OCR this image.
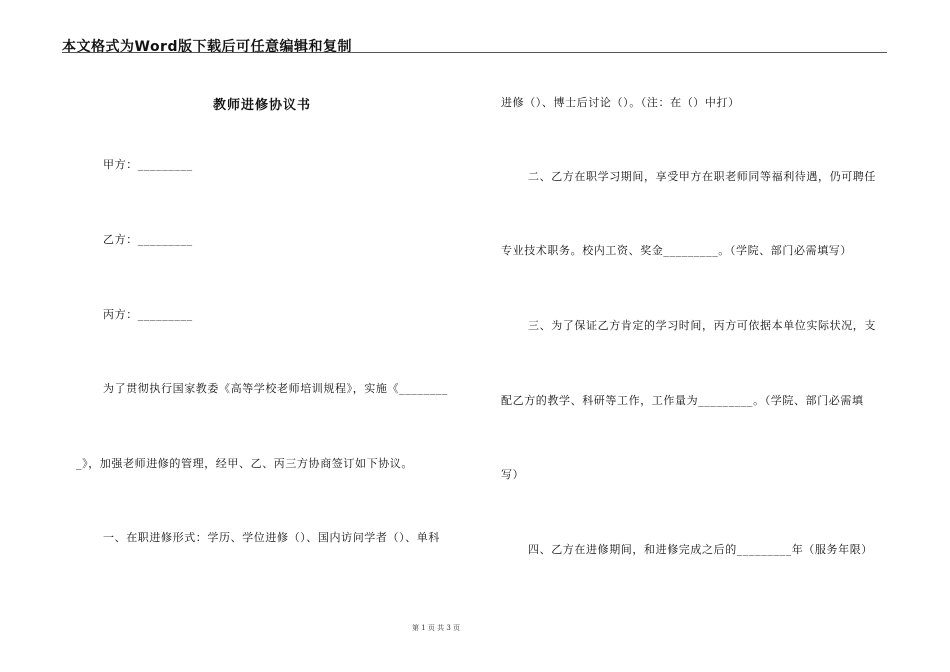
本文格式为Word版下载后可任意编辑和复制
教师进修协议书
甲方：_________
乙方：_________
丙方：_________
为了贯彻执行国家教委《高等学校老师培训规程》，实施《________
_》，加强老师进修的管理，经甲、乙、丙三方协商签订如下协议。
一、在职进修形式：学历、学位进修（）、国内访问学者（）、单科
进修（）、博士后讨论（）。（注：在（）中打）
二、乙方在职学习期间，享受甲方在职老师同等福利待遇，仍可聘任
专业技术职务。校内工资、奖金_________。（学院、部门必需填写）
三、为了保证乙方肯定的学习时间，丙方可依据本单位实际状况，支
配乙方的教学、科研等工作，工作量为_________。（学院、部门必需填
写）
四、乙方在进修期间，和进修完成之后的_________年（服务年限）
第 1 页 共 3 页
